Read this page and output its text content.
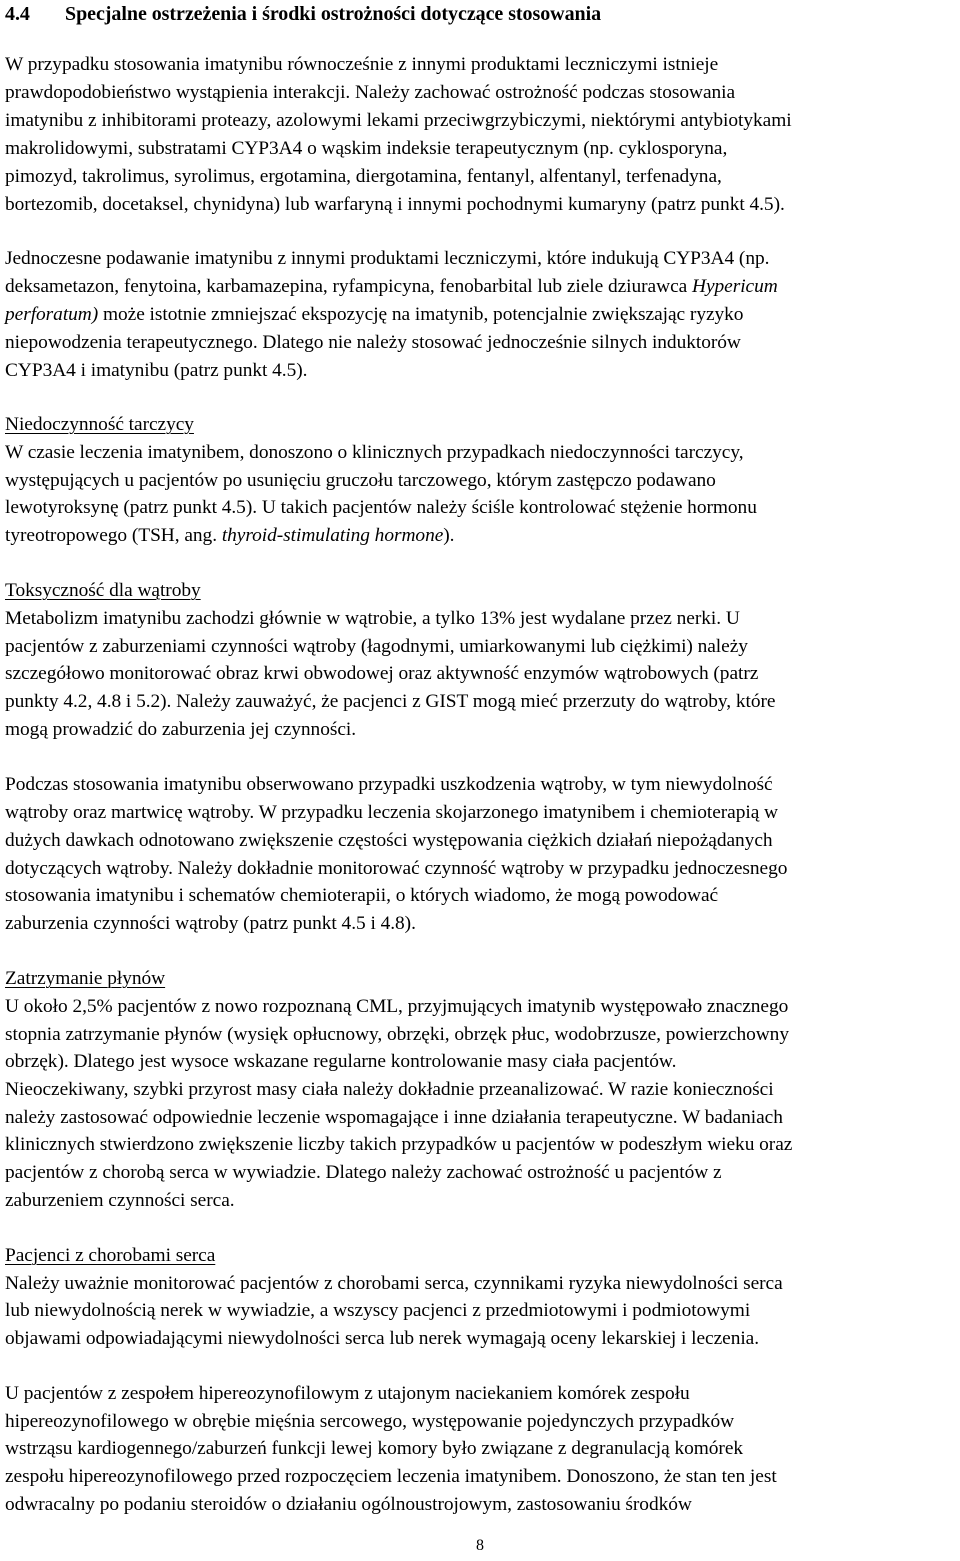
4.4 Specjalne ostrzeżenia i środki ostrożności dotyczące stosowania
W przypadku stosowania imatynibu równocześnie z innymi produktami leczniczymi istnieje
prawdopodobieństwo wystąpienia interakcji. Należy zachować ostrożność podczas stosowania
imatynibu z inhibitorami proteazy, azolowymi lekami przeciwgrzybiczymi, niektórymi antybiotykami
makrolidowymi, substratami CYP3A4 o wąskim indeksie terapeutycznym (np. cyklosporyna,
pimozyd, takrolimus, syrolimus, ergotamina, diergotamina, fentanyl, alfentanyl, terfenadyna,
bortezomib, docetaksel, chynidyna) lub warfaryną i innymi pochodnymi kumaryny (patrz punkt 4.5).
Jednoczesne podawanie imatynibu z innymi produktami leczniczymi, które indukują CYP3A4 (np.
deksametazon, fenytoina, karbamazepina, ryfampicyna, fenobarbital lub ziele dziurawca Hypericum
perforatum) może istotnie zmniejszać ekspozycję na imatynib, potencjalnie zwiększając ryzyko
niepowodzenia terapeutycznego. Dlatego nie należy stosować jednocześnie silnych induktorów
CYP3A4 i imatynibu (patrz punkt 4.5).
Niedoczynność tarczycy
W czasie leczenia imatynibem, donoszono o klinicznych przypadkach niedoczynności tarczycy,
występujących u pacjentów po usunięciu gruczołu tarczowego, którym zastępczo podawano
lewotyroksynę (patrz punkt 4.5). U takich pacjentów należy ściśle kontrolować stężenie hormonu
tyreotropowego (TSH, ang. thyroid-stimulating hormone).
Toksyczność dla wątroby
Metabolizm imatynibu zachodzi głównie w wątrobie, a tylko 13% jest wydalane przez nerki. U
pacjentów z zaburzeniami czynności wątroby (łagodnymi, umiarkowanymi lub ciężkimi) należy
szczegółowo monitorować obraz krwi obwodowej oraz aktywność enzymów wątrobowych (patrz
punkty 4.2, 4.8 i 5.2). Należy zauważyć, że pacjenci z GIST mogą mieć przerzuty do wątroby, które
mogą prowadzić do zaburzenia jej czynności.
Podczas stosowania imatynibu obserwowano przypadki uszkodzenia wątroby, w tym niewydolność
wątroby oraz martwicę wątroby. W przypadku leczenia skojarzonego imatynibem i chemioterapią w
dużych dawkach odnotowano zwiększenie częstości występowania ciężkich działań niepożądanych
dotyczących wątroby. Należy dokładnie monitorować czynność wątroby w przypadku jednoczesnego
stosowania imatynibu i schematów chemioterapii, o których wiadomo, że mogą powodować
zaburzenia czynności wątroby (patrz punkt 4.5 i 4.8).
Zatrzymanie płynów
U około 2,5% pacjentów z nowo rozpoznaną CML, przyjmujących imatynib występowało znacznego
stopnia zatrzymanie płynów (wysięk opłucnowy, obrzęki, obrzęk płuc, wodobrzusze, powierzchowny
obrzęk). Dlatego jest wysoce wskazane regularne kontrolowanie masy ciała pacjentów.
Nieoczekiwany, szybki przyrost masy ciała należy dokładnie przeanalizować. W razie konieczności
należy zastosować odpowiednie leczenie wspomagające i inne działania terapeutyczne. W badaniach
klinicznych stwierdzono zwiększenie liczby takich przypadków u pacjentów w podeszłym wieku oraz
pacjentów z chorobą serca w wywiadzie. Dlatego należy zachować ostrożność u pacjentów z
zaburzeniem czynności serca.
Pacjenci z chorobami serca
Należy uważnie monitorować pacjentów z chorobami serca, czynnikami ryzyka niewydolności serca
lub niewydolnością nerek w wywiadzie, a wszyscy pacjenci z przedmiotowymi i podmiotowymi
objawami odpowiadającymi niewydolności serca lub nerek wymagają oceny lekarskiej i leczenia.
U pacjentów z zespołem hipereozynofilowym z utajonym naciekaniem komórek zespołu
hipereozynofilowego w obrębie mięśnia sercowego, występowanie pojedynczych przypadków
wstrząsu kardiogennego/zaburzeń funkcji lewej komory było związane z degranulacją komórek
zespołu hipereozynofilowego przed rozpoczęciem leczenia imatynibem. Donoszono, że stan ten jest
odwracalny po podaniu steroidów o działaniu ogólnoustrojowym, zastosowaniu środków
8
